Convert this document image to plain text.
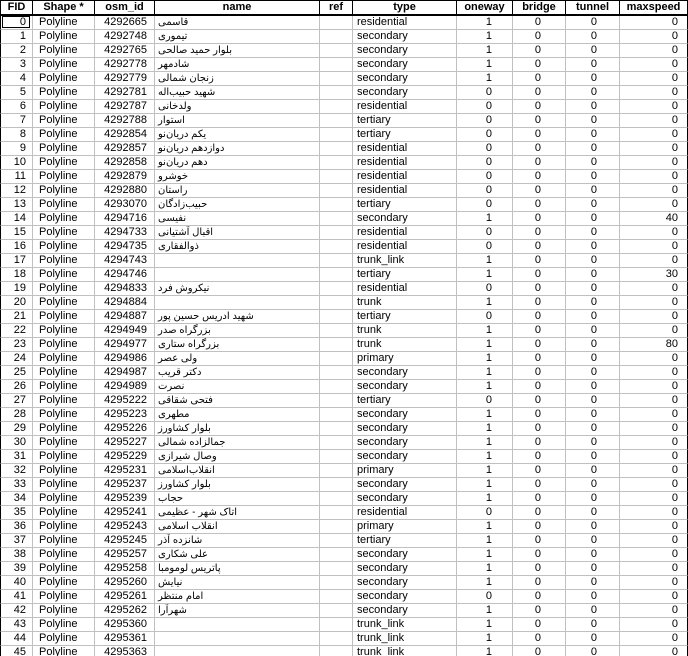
FID	Shape *	osm_id	name	ref	type	oneway	bridge	tunnel	maxspeed
0	Polyline	4292665	قاسمی		residential	1	0	0	0
1	Polyline	4292748	تیموری		secondary	1	0	0	0
2	Polyline	4292765	بلوار حمید صالحی		secondary	1	0	0	0
3	Polyline	4292778	شادمهر		secondary	1	0	0	0
4	Polyline	4292779	زنجان شمالی		secondary	1	0	0	0
5	Polyline	4292781	شهید حبیب‌اله		secondary	0	0	0	0
6	Polyline	4292787	ولدخانی		residential	0	0	0	0
7	Polyline	4292788	استوار		tertiary	0	0	0	0
8	Polyline	4292854	یکم دریان‌نو		tertiary	0	0	0	0
9	Polyline	4292857	دوازدهم دریان‌نو		residential	0	0	0	0
10	Polyline	4292858	دهم دریان‌نو		residential	0	0	0	0
11	Polyline	4292879	خوشرو		residential	0	0	0	0
12	Polyline	4292880	راستان		residential	0	0	0	0
13	Polyline	4293070	حبیب‌زادگان		tertiary	0	0	0	0
14	Polyline	4294716	نفیسی		secondary	1	0	0	40
15	Polyline	4294733	اقبال آشتیانی		residential	0	0	0	0
16	Polyline	4294735	ذوالفقاری		residential	0	0	0	0
17	Polyline	4294743			trunk_link	1	0	0	0
18	Polyline	4294746			tertiary	1	0	0	30
19	Polyline	4294833	نیکروش فرد		residential	0	0	0	0
20	Polyline	4294884			trunk	1	0	0	0
21	Polyline	4294887	شهید ادریس حسین پور		tertiary	0	0	0	0
22	Polyline	4294949	بزرگراه صدر		trunk	1	0	0	0
23	Polyline	4294977	بزرگراه ستاری		trunk	1	0	0	80
24	Polyline	4294986	ولی عصر		primary	1	0	0	0
25	Polyline	4294987	دکتر قریب		secondary	1	0	0	0
26	Polyline	4294989	نصرت		secondary	1	0	0	0
27	Polyline	4295222	فتحی شقاقی		tertiary	0	0	0	0
28	Polyline	4295223	مطهری		secondary	1	0	0	0
29	Polyline	4295226	بلوار کشاورز		secondary	1	0	0	0
30	Polyline	4295227	جمالزاده شمالی		secondary	1	0	0	0
31	Polyline	4295229	وصال شیرازی		secondary	1	0	0	0
32	Polyline	4295231	انقلاب‌اسلامی		primary	1	0	0	0
33	Polyline	4295237	بلوار کشاورز		secondary	1	0	0	0
34	Polyline	4295239	حجاب		secondary	1	0	0	0
35	Polyline	4295241	اتاک شهر - عظیمی		residential	0	0	0	0
36	Polyline	4295243	انقلاب اسلامی		primary	1	0	0	0
37	Polyline	4295245	شانزده آذر		tertiary	1	0	0	0
38	Polyline	4295257	علی شکاری		secondary	1	0	0	0
39	Polyline	4295258	پاتریس لومومبا		secondary	1	0	0	0
40	Polyline	4295260	نیایش		secondary	1	0	0	0
41	Polyline	4295261	امام منتظر		secondary	0	0	0	0
42	Polyline	4295262	شهرآرا		secondary	1	0	0	0
43	Polyline	4295360			trunk_link	1	0	0	0
44	Polyline	4295361			trunk_link	1	0	0	0
45	Polyline	4295363			trunk_link	1	0	0	0
